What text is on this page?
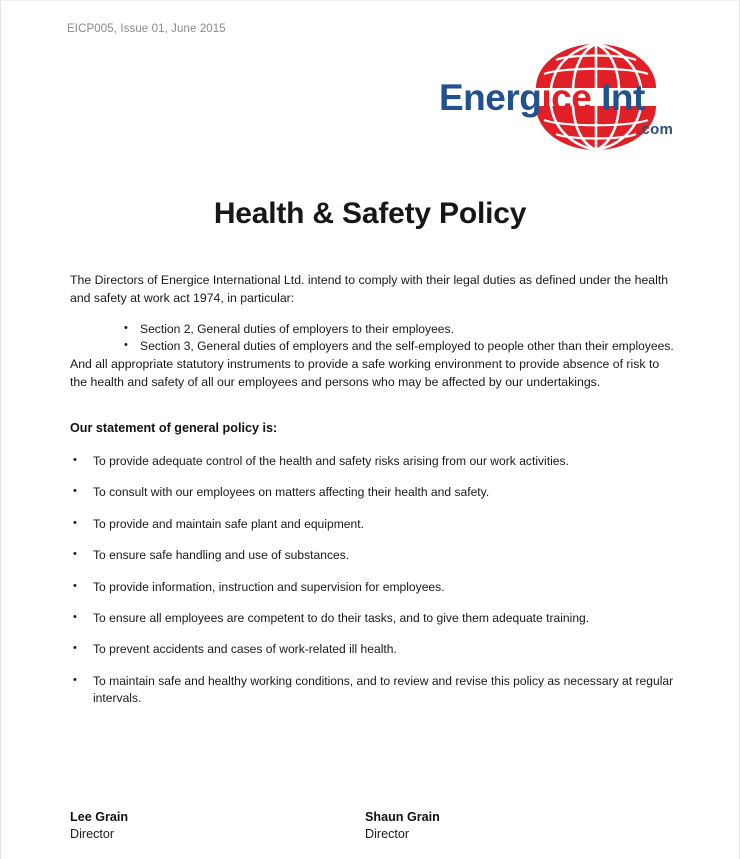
EICP005, Issue 01, June 2015
Energice Int
.com
Health & Safety Policy

The Directors of Energice International Ltd. intend to comply with their legal duties as defined under the health and safety at work act 1974, in particular:

• Section 2, General duties of employers to their employees.
• Section 3, General duties of employers and the self‐employed to people other than their employees.

And all appropriate statutory instruments to provide a safe working environment to provide absence of risk to the health and safety of all our employees and persons who may be affected by our undertakings.

Our statement of general policy is:

• To provide adequate control of the health and safety risks arising from our work activities.
• To consult with our employees on matters affecting their health and safety.
• To provide and maintain safe plant and equipment.
• To ensure safe handling and use of substances.
• To provide information, instruction and supervision for employees.
• To ensure all employees are competent to do their tasks, and to give them adequate training.
• To prevent accidents and cases of work‐related ill health.
• To maintain safe and healthy working conditions, and to review and revise this policy as necessary at regular intervals.
Lee Grain
Director
Shaun Grain
Director
